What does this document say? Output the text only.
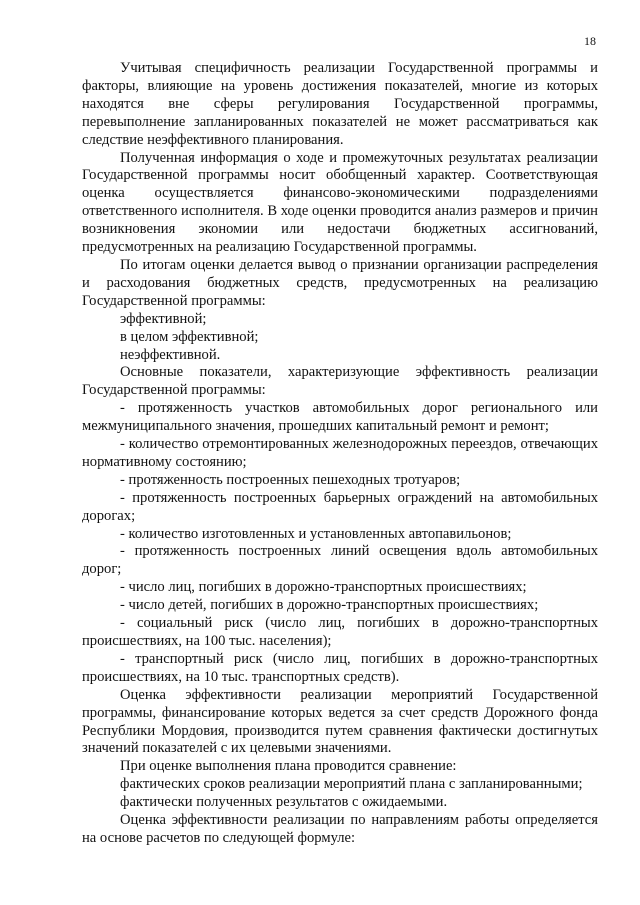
18

Учитывая специфичность реализации Государственной программы и факторы, влияющие на уровень достижения показателей, многие из которых находятся вне сферы регулирования Государственной программы, перевыполнение запланированных показателей не может рассматриваться как следствие неэффективного планирования.

Полученная информация о ходе и промежуточных результатах реализации Государственной программы носит обобщенный характер. Соответствующая оценка осуществляется финансово-экономическими подразделениями ответственного исполнителя. В ходе оценки проводится анализ размеров и причин возникновения экономии или недостачи бюджетных ассигнований, предусмотренных на реализацию Государственной программы.

По итогам оценки делается вывод о признании организации распределения и расходования бюджетных средств, предусмотренных на реализацию Государственной программы:

эффективной;

в целом эффективной;

неэффективной.

Основные показатели, характеризующие эффективность реализации Государственной программы:

- протяженность участков автомобильных дорог регионального или межмуниципального значения, прошедших капитальный ремонт и ремонт;

- количество отремонтированных железнодорожных переездов, отвечающих нормативному состоянию;

- протяженность построенных пешеходных тротуаров;

- протяженность построенных барьерных ограждений на автомобильных дорогах;

- количество изготовленных и установленных автопавильонов;

- протяженность построенных линий освещения вдоль автомобильных дорог;

- число лиц, погибших в дорожно-транспортных происшествиях;

- число детей, погибших в дорожно-транспортных происшествиях;

- социальный риск (число лиц, погибших в дорожно-транспортных происшествиях, на 100 тыс. населения);

- транспортный риск (число лиц, погибших в дорожно-транспортных происшествиях, на 10 тыс. транспортных средств).

Оценка эффективности реализации мероприятий Государственной программы, финансирование которых ведется за счет средств Дорожного фонда Республики Мордовия, производится путем сравнения фактически достигнутых значений показателей с их целевыми значениями.

При оценке выполнения плана проводится сравнение:

фактических сроков реализации мероприятий плана с запланированными;

фактически полученных результатов с ожидаемыми.

Оценка эффективности реализации по направлениям работы определяется на основе расчетов по следующей формуле:
